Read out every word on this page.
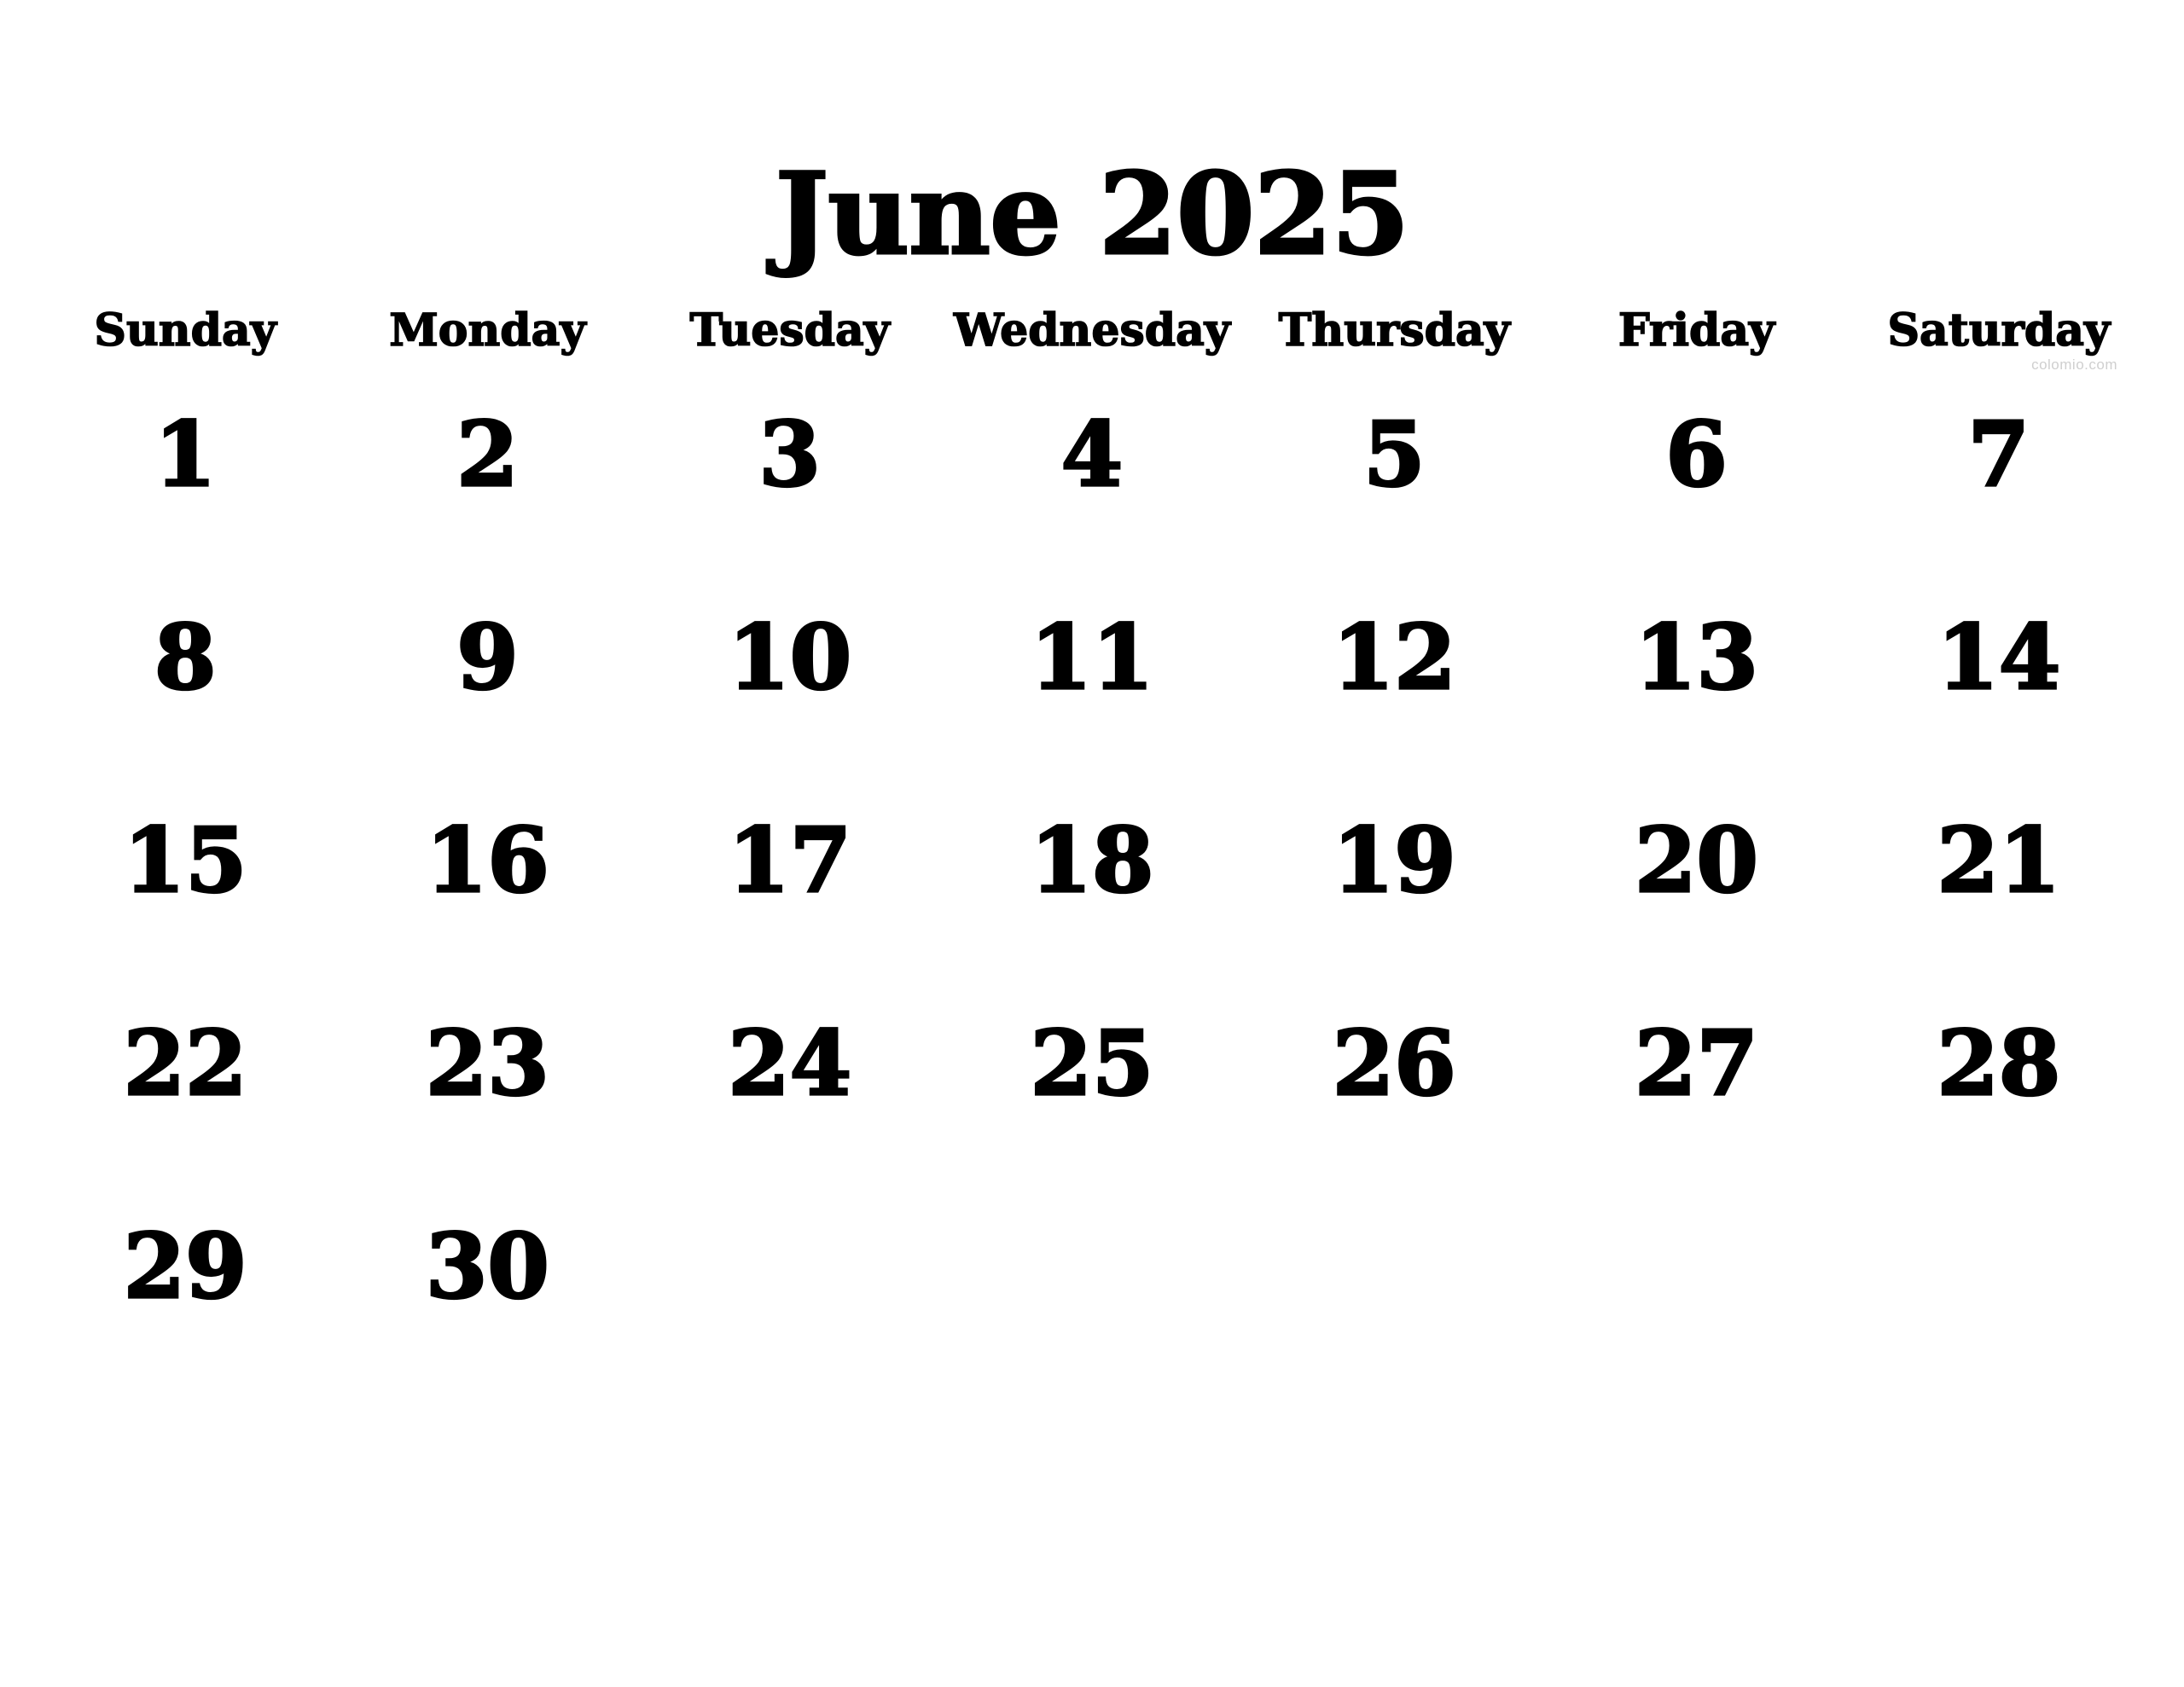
June 2025
colomio.com
Sunday	Monday	Tuesday	Wednesday	Thursday	Friday	Saturday
1	2	3	4	5	6	7
8	9	10	11	12	13	14
15	16	17	18	19	20	21
22	23	24	25	26	27	28
29	30
